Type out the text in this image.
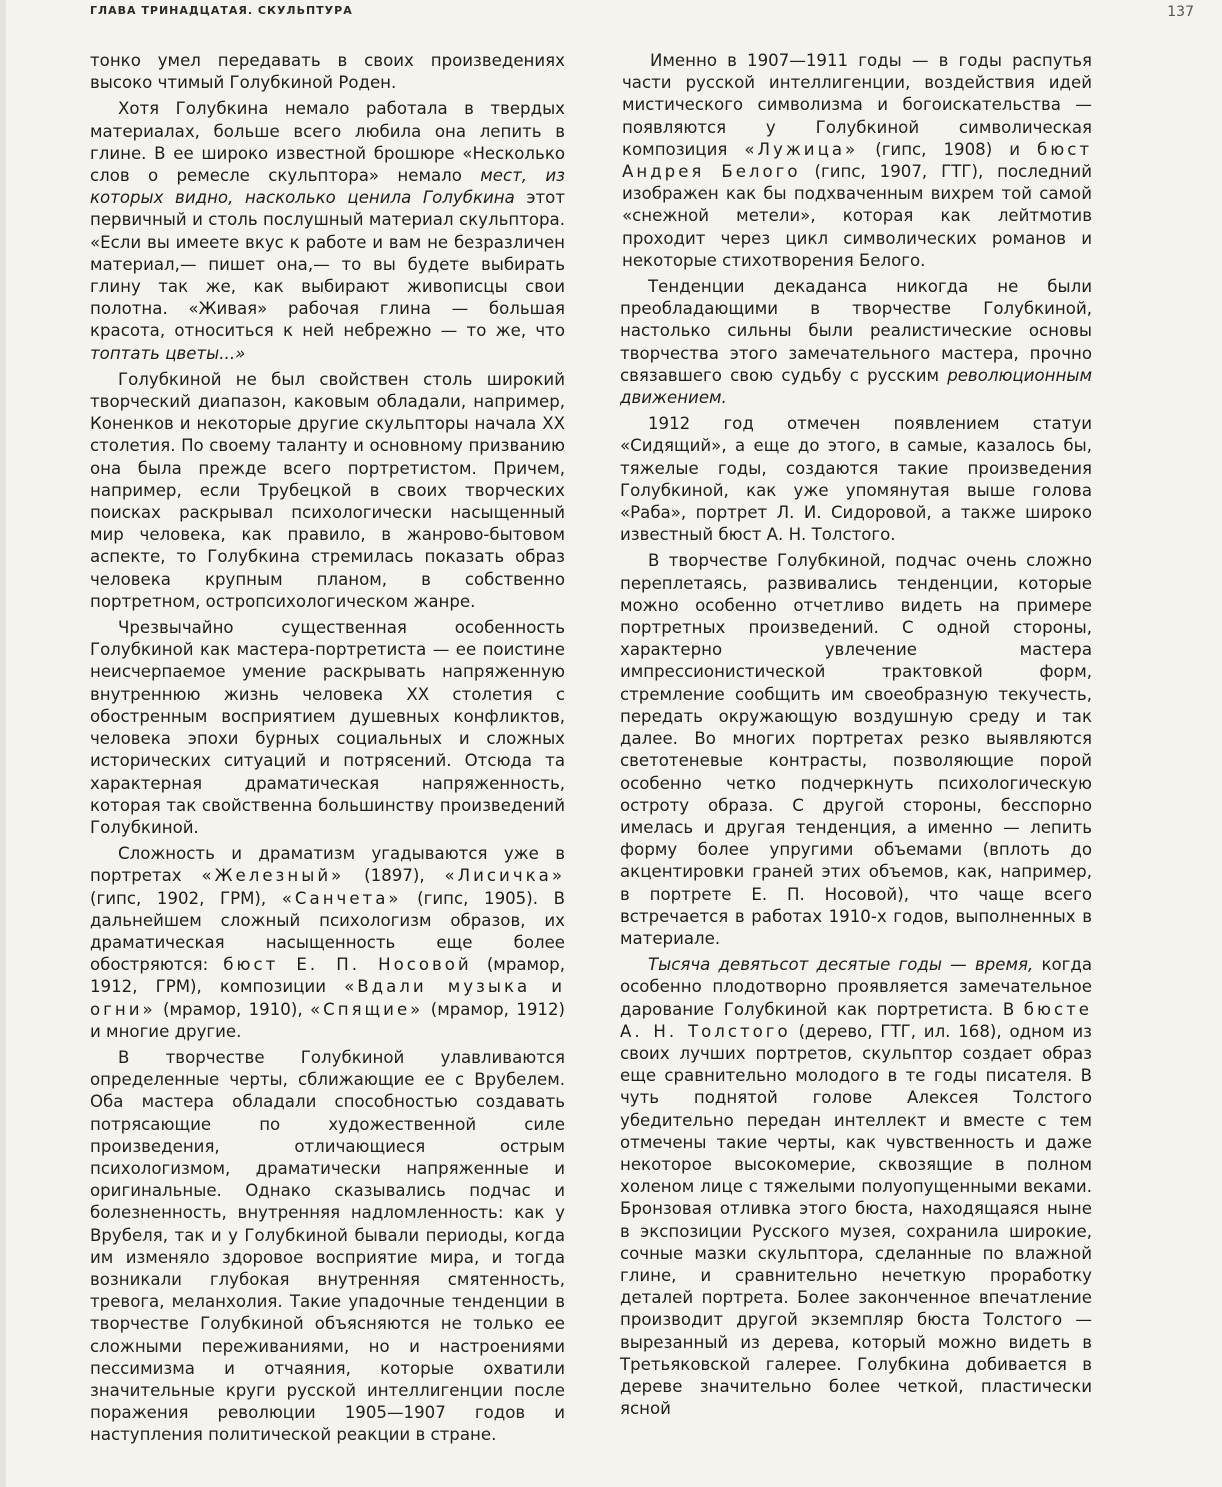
ГЛАВА ТРИНАДЦАТАЯ. СКУЛЬПТУРА	137

тонко умел передавать в своих произведениях высоко чтимый Голубкиной Роден.

Хотя Голубкина немало работала в твердых материалах, больше всего любила она лепить в глине. В ее широко известной брошюре «Несколько слов о ремесле скульптора» немало мест, из которых видно, насколько ценила Голубкина этот первичный и столь послушный материал скульптора. «Если вы имеете вкус к работе и вам не безразличен материал,— пишет она,— то вы будете выбирать глину так же, как выбирают живописцы свои полотна. «Живая» рабочая глина — большая красота, относиться к ней небрежно — то же, что топтать цветы...»

Голубкиной не был свойствен столь широкий творческий диапазон, каковым обладали, например, Коненков и некоторые другие скульпторы начала XX столетия. По своему таланту и основному призванию она была прежде всего портретистом. Причем, например, если Трубецкой в своих творческих поисках раскрывал психологически насыщенный мир человека, как правило, в жанрово-бытовом аспекте, то Голубкина стремилась показать образ человека крупным планом, в собственно портретном, остропсихологическом жанре.

Чрезвычайно существенная особенность Голубкиной как мастера-портретиста — ее поистине неисчерпаемое умение раскрывать напряженную внутреннюю жизнь человека XX столетия с обостренным восприятием душевных конфликтов, человека эпохи бурных социальных и сложных исторических ситуаций и потрясений. Отсюда та характерная драматическая напряженность, которая так свойственна большинству произведений Голубкиной.

Сложность и драматизм угадываются уже в портретах «Железный» (1897), «Лисичка» (гипс, 1902, ГРМ), «Санчета» (гипс, 1905). В дальнейшем сложный психологизм образов, их драматическая насыщенность еще более обостряются: бюст Е. П. Носовой (мрамор, 1912, ГРМ), композиции «Вдали музыка и огни» (мрамор, 1910), «Спящие» (мрамор, 1912) и многие другие.

В творчестве Голубкиной улавливаются определенные черты, сближающие ее с Врубелем. Оба мастера обладали способностью создавать потрясающие по художественной силе произведения, отличающиеся острым психологизмом, драматически напряженные и оригинальные. Однако сказывались подчас и болезненность, внутренняя надломленность: как у Врубеля, так и у Голубкиной бывали периоды, когда им изменяло здоровое восприятие мира, и тогда возникали глубокая внутренняя смятенность, тревога, меланхолия. Такие упадочные тенденции в творчестве Голубкиной объясняются не только ее сложными переживаниями, но и настроениями пессимизма и отчаяния, которые охватили значительные круги русской интеллигенции после поражения революции 1905—1907 годов и наступления политической реакции в стране.

Именно в 1907—1911 годы — в годы распутья части русской интеллигенции, воздействия идей мистического символизма и богоискательства — появляются у Голубкиной символическая композиция «Лужица» (гипс, 1908) и бюст Андрея Белого (гипс, 1907, ГТГ), последний изображен как бы подхваченным вихрем той самой «снежной метели», которая как лейтмотив проходит через цикл символических романов и некоторые стихотворения Белого.

Тенденции декаданса никогда не были преобладающими в творчестве Голубкиной, настолько сильны были реалистические основы творчества этого замечательного мастера, прочно связавшего свою судьбу с русским революционным движением.

1912 год отмечен появлением статуи «Сидящий», а еще до этого, в самые, казалось бы, тяжелые годы, создаются такие произведения Голубкиной, как уже упомянутая выше голова «Раба», портрет Л. И. Сидоровой, а также широко известный бюст А. Н. Толстого.

В творчестве Голубкиной, подчас очень сложно переплетаясь, развивались тенденции, которые можно особенно отчетливо видеть на примере портретных произведений. С одной стороны, характерно увлечение мастера импрессионистической трактовкой форм, стремление сообщить им своеобразную текучесть, передать окружающую воздушную среду и так далее. Во многих портретах резко выявляются светотеневые контрасты, позволяющие порой особенно четко подчеркнуть психологическую остроту образа. С другой стороны, бесспорно имелась и другая тенденция, а именно — лепить форму более упругими объемами (вплоть до акцентировки граней этих объемов, как, например, в портрете Е. П. Носовой), что чаще всего встречается в работах 1910-х годов, выполненных в материале.

Тысяча девятьсот десятые годы — время, когда особенно плодотворно проявляется замечательное дарование Голубкиной как портретиста. В бюсте А. Н. Толстого (дерево, ГТГ, ил. 168), одном из своих лучших портретов, скульптор создает образ еще сравнительно молодого в те годы писателя. В чуть поднятой голове Алексея Толстого убедительно передан интеллект и вместе с тем отмечены такие черты, как чувственность и даже некоторое высокомерие, сквозящие в полном холеном лице с тяжелыми полуопущенными веками. Бронзовая отливка этого бюста, находящаяся ныне в экспозиции Русского музея, сохранила широкие, сочные мазки скульптора, сделанные по влажной глине, и сравнительно нечеткую проработку деталей портрета. Более законченное впечатление производит другой экземпляр бюста Толстого — вырезанный из дерева, который можно видеть в Третьяковской галерее. Голубкина добивается в дереве значительно более четкой, пластически ясной
